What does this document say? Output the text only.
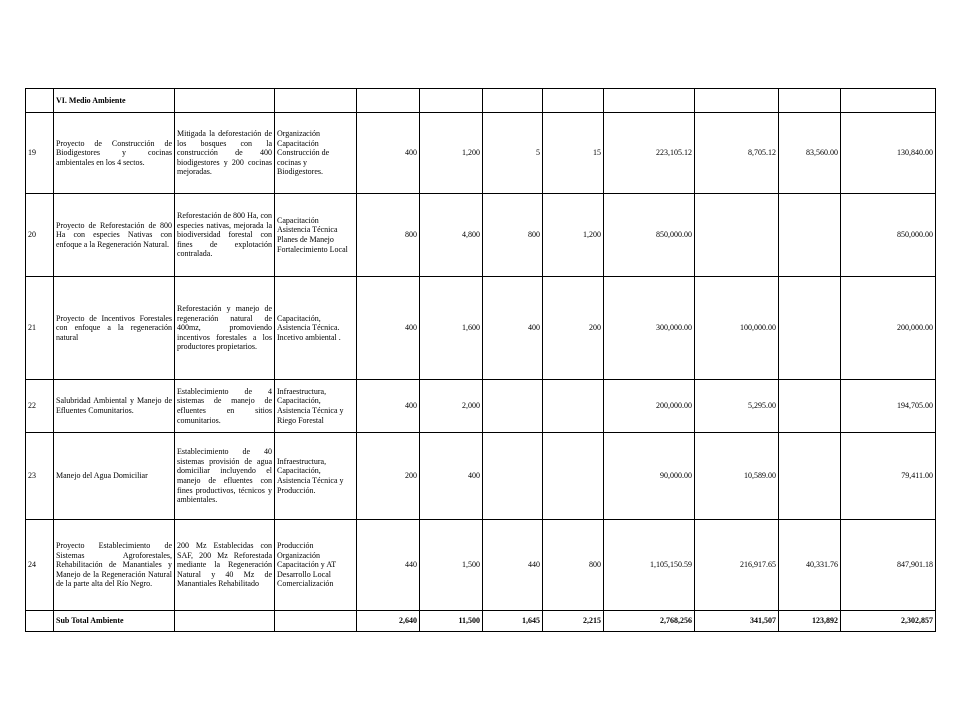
	VI. Medio Ambiente										
19	Proyecto de Construcción de Biodigestores y cocinas ambientales en los 4 sectos.	Mitigada la deforestación de los bosques con la construcción de 400 biodigestores y 200 cocinas mejoradas.	Organización
Capacitación
Construcción de
cocinas y
Biodigestores.	400	1,200	5	15	223,105.12	8,705.12	83,560.00	130,840.00
20	Proyecto de Reforestación de 800 Ha con especies Nativas con enfoque a la Regeneración Natural.	Reforestación de 800 Ha, con especies nativas, mejorada la biodiversidad forestal con fines de explotación contralada.	Capacitación
Asistencia Técnica
Planes de Manejo
Fortalecimiento Local	800	4,800	800	1,200	850,000.00			850,000.00
21	Proyecto de Incentivos Forestales con enfoque a la regeneración natural	Reforestación y manejo de regeneración natural de 400mz, promoviendo incentivos forestales a los productores propietarios.	Capacitación,
Asistencia Técnica.
Incetivo ambiental .	400	1,600	400	200	300,000.00	100,000.00		200,000.00
22	Salubridad Ambiental y Manejo de Efluentes Comunitarios.	Establecimiento de 4 sistemas de manejo de efluentes en sitios comunitarios.	Infraestructura,
Capacitación,
Asistencia Técnica y
Riego Forestal	400	2,000			200,000.00	5,295.00		194,705.00
23	Manejo del Agua Domiciliar	Establecimiento de 40 sistemas provisión de agua domiciliar incluyendo el manejo de efluentes con fines productivos, técnicos y ambientales.	Infraestructura,
Capacitación,
Asistencia Técnica y
Producción.	200	400			90,000.00	10,589.00		79,411.00
24	Proyecto Establecimiento de Sistemas Agroforestales, Rehabilitación de Manantiales y Manejo de la Regeneración Natural de la parte alta del Río Negro.	200 Mz Establecidas con SAF, 200 Mz Reforestada mediante la Regeneración Natural y 40 Mz de Manantiales Rehabilitado	Producción
Organización
Capacitación y AT
Desarrollo Local
Comercialización	440	1,500	440	800	1,105,150.59	216,917.65	40,331.76	847,901.18
	Sub Total Ambiente			2,640	11,500	1,645	2,215	2,768,256	341,507	123,892	2,302,857
